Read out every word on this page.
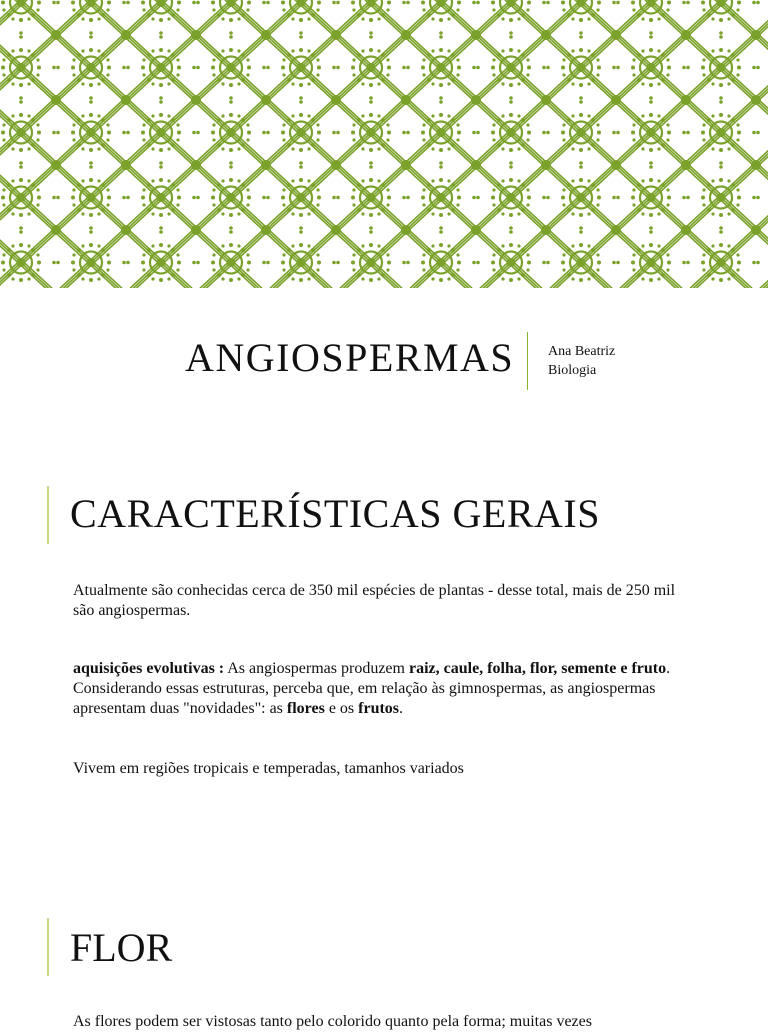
ANGIOSPERMAS Ana Beatriz
Biologia
CARACTERÍSTICAS GERAIS

Atualmente são conhecidas cerca de 350 mil espécies de plantas - desse total, mais de 250 mil são angiospermas.

aquisições evolutivas : As angiospermas produzem raiz, caule, folha, flor, semente e fruto. Considerando essas estruturas, perceba que, em relação às gimnospermas, as angiospermas apresentam duas "novidades": as flores e os frutos.

Vivem em regiões tropicais e temperadas, tamanhos variados

FLOR

As flores podem ser vistosas tanto pelo colorido quanto pela forma; muitas vezes
